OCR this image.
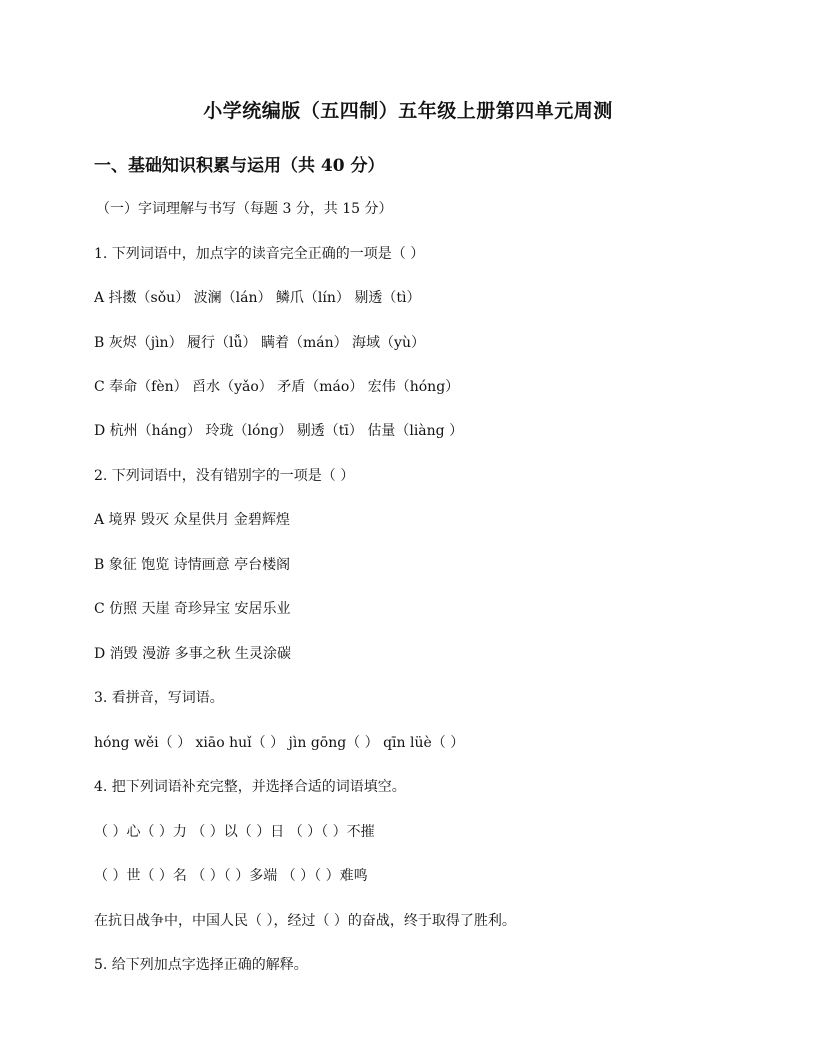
小学统编版（五四制）五年级上册第四单元周测
一、基础知识积累与运用（共 40 分）
（一）字词理解与书写（每题 3 分，共 15 分）
1. 下列词语中，加点字的读音完全正确的一项是（ ）
A 抖擞（sǒu） 波澜（lán） 鳞爪（lín） 剔透（tì）
B 灰烬（jìn） 履行（lǚ） 瞒着（mán） 海域（yù）
C 奉命（fèn） 舀水（yǎo） 矛盾（máo） 宏伟（hóng）
D 杭州（háng） 玲珑（lóng） 剔透（tī） 估量（liàng ）
2. 下列词语中，没有错别字的一项是（ ）
A 境界 毁灭 众星供月 金碧辉煌
B 象征 饱览 诗情画意 亭台楼阁
C 仿照 天崖 奇珍异宝 安居乐业
D 消毁 漫游 多事之秋 生灵涂碳
3. 看拼音，写词语。
hóng wěi（ ） xiāo huǐ（ ） jìn gōng（ ） qīn lüè（ ）
4. 把下列词语补充完整，并选择合适的词语填空。
（ ）心（ ）力 （ ）以（ ）日 （ ）（ ）不摧
（ ）世（ ）名 （ ）（ ）多端 （ ）（ ）难鸣
在抗日战争中，中国人民（ ），经过（ ）的奋战，终于取得了胜利。
5. 给下列加点字选择正确的解释。
